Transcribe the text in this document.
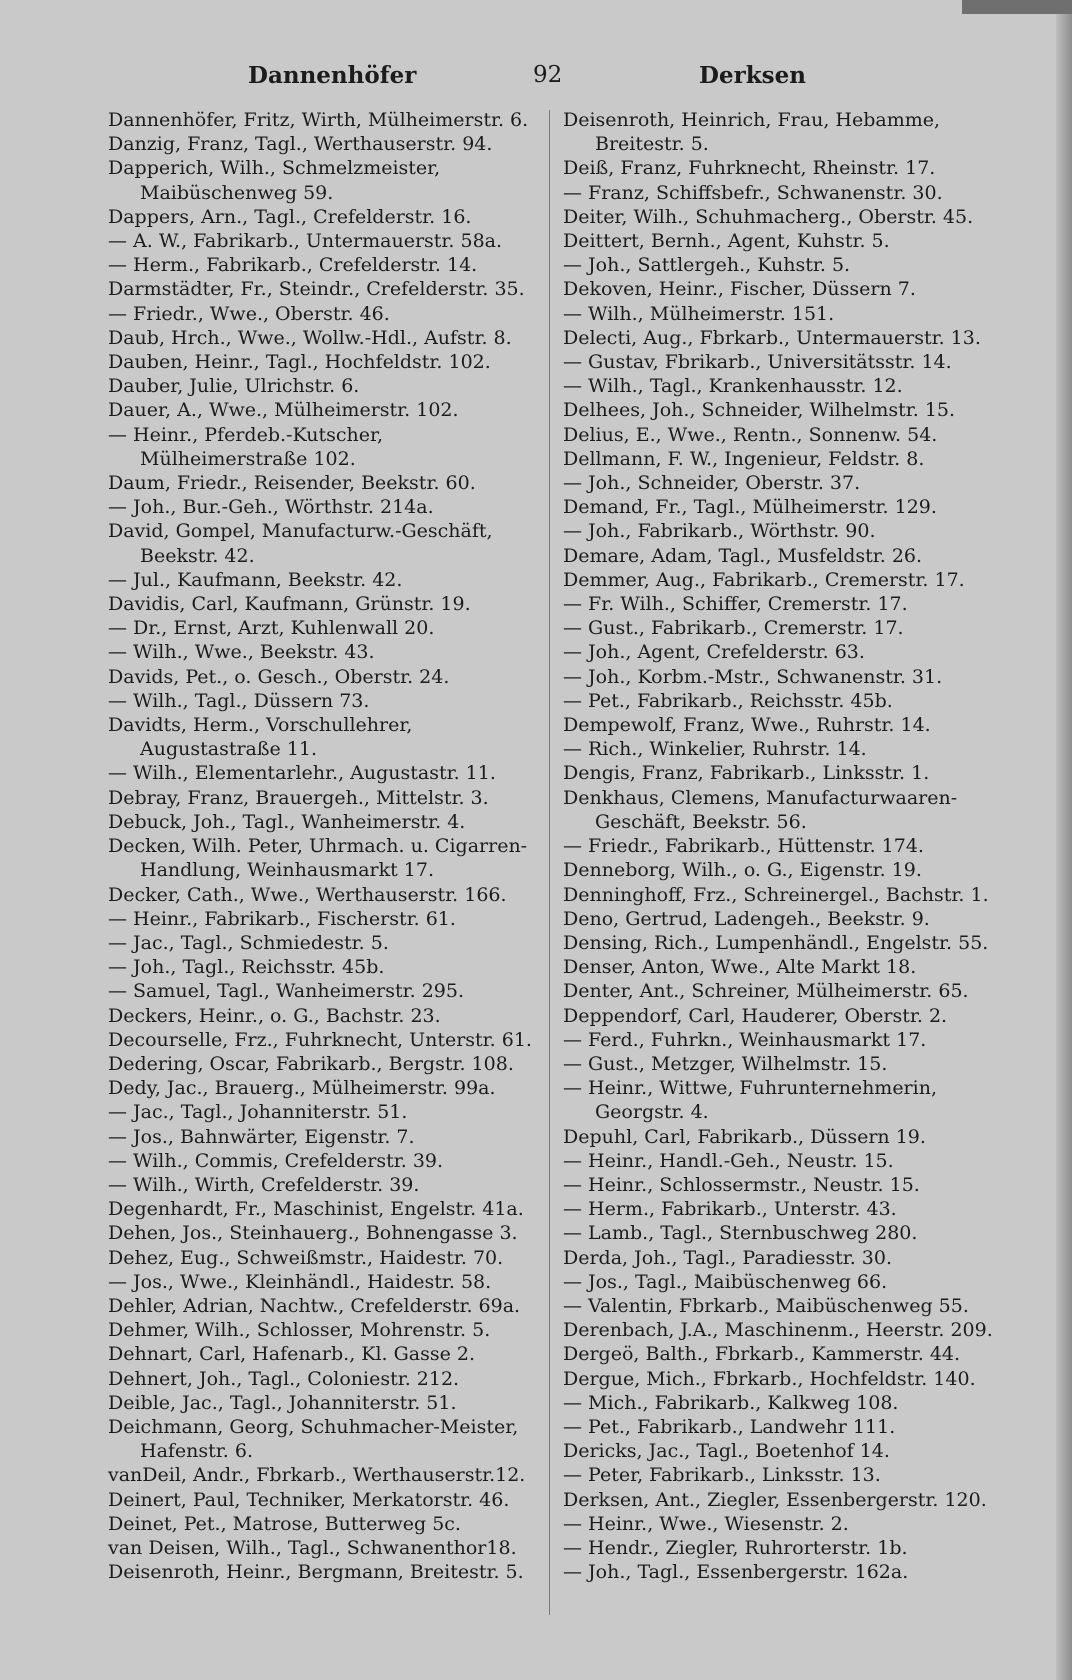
Dannenhöfer	92	Derksen
Dannenhöfer, Fritz, Wirth, Mülheimerstr. 6.
Danzig, Franz, Tagl., Werthauserstr. 94.
Dapperich, Wilh., Schmelzmeister, Maibüschenweg 59.
Dappers, Arn., Tagl., Crefelderstr. 16.
— A. W., Fabrikarb., Untermauerstr. 58a.
— Herm., Fabrikarb., Crefelderstr. 14.
Darmstädter, Fr., Steindr., Crefelderstr. 35.
— Friedr., Wwe., Oberstr. 46.
Daub, Hrch., Wwe., Wollw.-Hdl., Aufstr. 8.
Dauben, Heinr., Tagl., Hochfeldstr. 102.
Dauber, Julie, Ulrichstr. 6.
Dauer, A., Wwe., Mülheimerstr. 102.
— Heinr., Pferdeb.-Kutscher, Mülheimerstraße 102.
Daum, Friedr., Reisender, Beekstr. 60.
— Joh., Bur.-Geh., Wörthstr. 214a.
David, Gompel, Manufacturw.-Geschäft, Beekstr. 42.
— Jul., Kaufmann, Beekstr. 42.
Davidis, Carl, Kaufmann, Grünstr. 19.
— Dr., Ernst, Arzt, Kuhlenwall 20.
— Wilh., Wwe., Beekstr. 43.
Davids, Pet., o. Gesch., Oberstr. 24.
— Wilh., Tagl., Düssern 73.
Davidts, Herm., Vorschullehrer, Augustastraße 11.
— Wilh., Elementarlehr., Augustastr. 11.
Debray, Franz, Brauergeh., Mittelstr. 3.
Debuck, Joh., Tagl., Wanheimerstr. 4.
Decken, Wilh. Peter, Uhrmach. u. Cigarren-Handlung, Weinhausmarkt 17.
Decker, Cath., Wwe., Werthauserstr. 166.
— Heinr., Fabrikarb., Fischerstr. 61.
— Jac., Tagl., Schmiedestr. 5.
— Joh., Tagl., Reichsstr. 45b.
— Samuel, Tagl., Wanheimerstr. 295.
Deckers, Heinr., o. G., Bachstr. 23.
Decourselle, Frz., Fuhrknecht, Unterstr. 61.
Dedering, Oscar, Fabrikarb., Bergstr. 108.
Dedy, Jac., Brauerg., Mülheimerstr. 99a.
— Jac., Tagl., Johanniterstr. 51.
— Jos., Bahnwärter, Eigenstr. 7.
— Wilh., Commis, Crefelderstr. 39.
— Wilh., Wirth, Crefelderstr. 39.
Degenhardt, Fr., Maschinist, Engelstr. 41a.
Dehen, Jos., Steinhauerg., Bohnengasse 3.
Dehez, Eug., Schweißmstr., Haidestr. 70.
— Jos., Wwe., Kleinhändl., Haidestr. 58.
Dehler, Adrian, Nachtw., Crefelderstr. 69a.
Dehmer, Wilh., Schlosser, Mohrenstr. 5.
Dehnart, Carl, Hafenarb., Kl. Gasse 2.
Dehnert, Joh., Tagl., Coloniestr. 212.
Deible, Jac., Tagl., Johanniterstr. 51.
Deichmann, Georg, Schuhmacher-Meister, Hafenstr. 6.
vanDeil, Andr., Fbrkarb., Werthauserstr.12.
Deinert, Paul, Techniker, Merkatorstr. 46.
Deinet, Pet., Matrose, Butterweg 5c.
van Deisen, Wilh., Tagl., Schwanenthor18.
Deisenroth, Heinr., Bergmann, Breitestr. 5.
Deisenroth, Heinrich, Frau, Hebamme, Breitestr. 5.
Deiß, Franz, Fuhrknecht, Rheinstr. 17.
— Franz, Schiffsbefr., Schwanenstr. 30.
Deiter, Wilh., Schuhmacherg., Oberstr. 45.
Deittert, Bernh., Agent, Kuhstr. 5.
— Joh., Sattlergeh., Kuhstr. 5.
Dekoven, Heinr., Fischer, Düssern 7.
— Wilh., Mülheimerstr. 151.
Delecti, Aug., Fbrkarb., Untermauerstr. 13.
— Gustav, Fbrikarb., Universitätsstr. 14.
— Wilh., Tagl., Krankenhausstr. 12.
Delhees, Joh., Schneider, Wilhelmstr. 15.
Delius, E., Wwe., Rentn., Sonnenw. 54.
Dellmann, F. W., Ingenieur, Feldstr. 8.
— Joh., Schneider, Oberstr. 37.
Demand, Fr., Tagl., Mülheimerstr. 129.
— Joh., Fabrikarb., Wörthstr. 90.
Demare, Adam, Tagl., Musfeldstr. 26.
Demmer, Aug., Fabrikarb., Cremerstr. 17.
— Fr. Wilh., Schiffer, Cremerstr. 17.
— Gust., Fabrikarb., Cremerstr. 17.
— Joh., Agent, Crefelderstr. 63.
— Joh., Korbm.-Mstr., Schwanenstr. 31.
— Pet., Fabrikarb., Reichsstr. 45b.
Dempewolf, Franz, Wwe., Ruhrstr. 14.
— Rich., Winkelier, Ruhrstr. 14.
Dengis, Franz, Fabrikarb., Linksstr. 1.
Denkhaus, Clemens, Manufacturwaaren-Geschäft, Beekstr. 56.
— Friedr., Fabrikarb., Hüttenstr. 174.
Denneborg, Wilh., o. G., Eigenstr. 19.
Denninghoff, Frz., Schreinergel., Bachstr. 1.
Deno, Gertrud, Ladengeh., Beekstr. 9.
Densing, Rich., Lumpenhändl., Engelstr. 55.
Denser, Anton, Wwe., Alte Markt 18.
Denter, Ant., Schreiner, Mülheimerstr. 65.
Deppendorf, Carl, Hauderer, Oberstr. 2.
— Ferd., Fuhrkn., Weinhausmarkt 17.
— Gust., Metzger, Wilhelmstr. 15.
— Heinr., Wittwe, Fuhrunternehmerin, Georgstr. 4.
Depuhl, Carl, Fabrikarb., Düssern 19.
— Heinr., Handl.-Geh., Neustr. 15.
— Heinr., Schlossermstr., Neustr. 15.
— Herm., Fabrikarb., Unterstr. 43.
— Lamb., Tagl., Sternbuschweg 280.
Derda, Joh., Tagl., Paradiesstr. 30.
— Jos., Tagl., Maibüschenweg 66.
— Valentin, Fbrkarb., Maibüschenweg 55.
Derenbach, J.A., Maschinenm., Heerstr. 209.
Dergeö, Balth., Fbrkarb., Kammerstr. 44.
Dergue, Mich., Fbrkarb., Hochfeldstr. 140.
— Mich., Fabrikarb., Kalkweg 108.
— Pet., Fabrikarb., Landwehr 111.
Dericks, Jac., Tagl., Boetenhof 14.
— Peter, Fabrikarb., Linksstr. 13.
Derksen, Ant., Ziegler, Essenbergerstr. 120.
— Heinr., Wwe., Wiesenstr. 2.
— Hendr., Ziegler, Ruhrorterstr. 1b.
— Joh., Tagl., Essenbergerstr. 162a.
